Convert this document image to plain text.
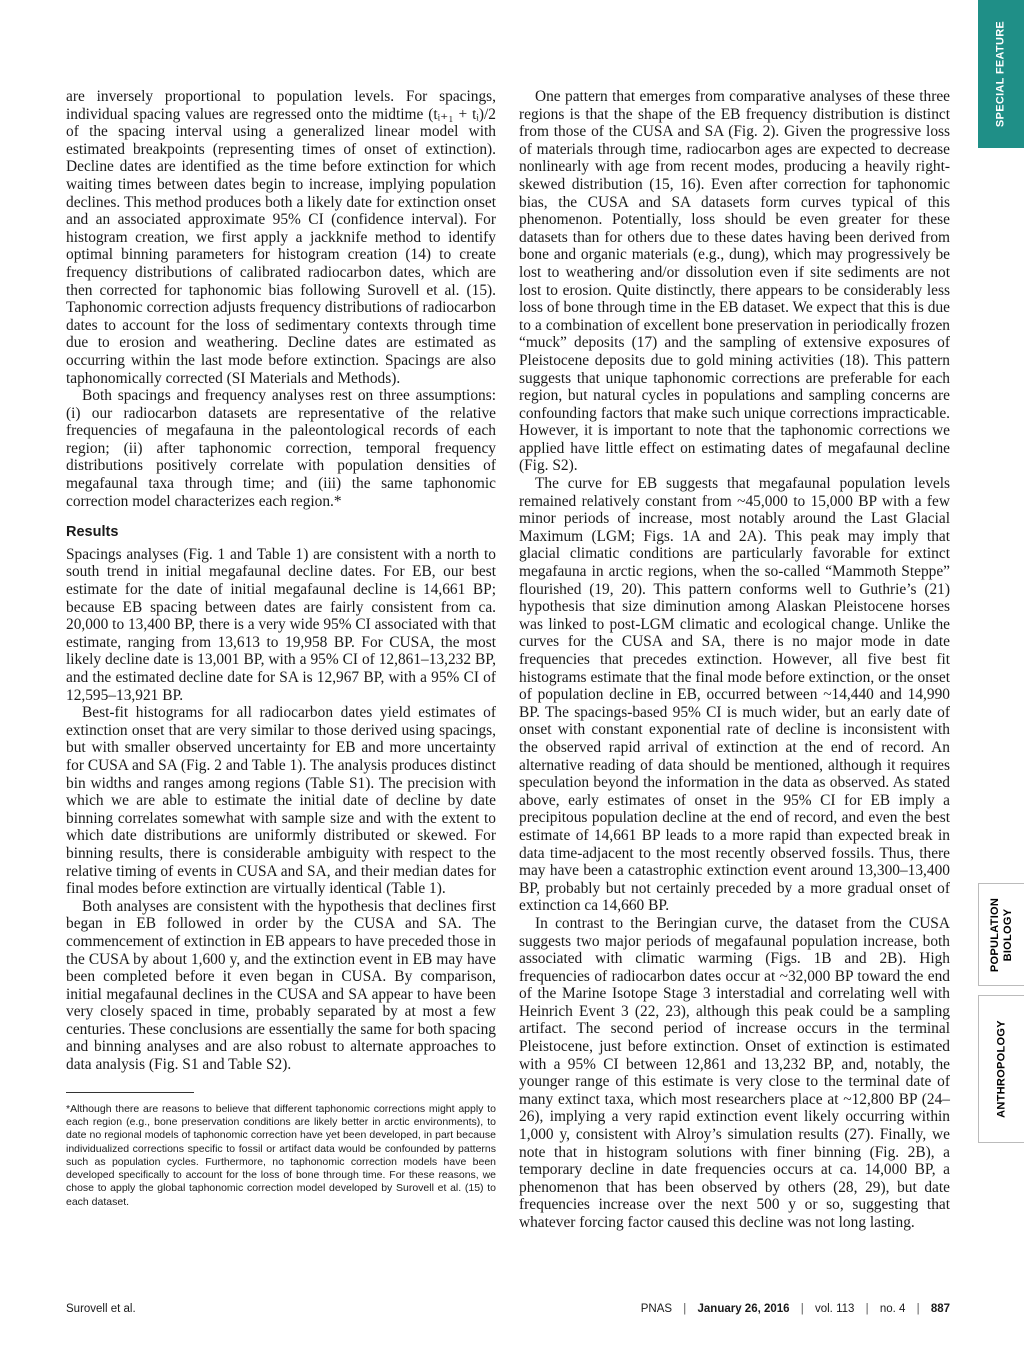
are inversely proportional to population levels. For spacings, individual spacing values are regressed onto the midtime (tᵢ₊₁ + tᵢ)/2 of the spacing interval using a generalized linear model with estimated breakpoints (representing times of onset of extinction). Decline dates are identified as the time before extinction for which waiting times between dates begin to increase, implying population declines. This method produces both a likely date for extinction onset and an associated approximate 95% CI (confidence interval). For histogram creation, we first apply a jackknife method to identify optimal binning parameters for histogram creation (14) to create frequency distributions of calibrated radiocarbon dates, which are then corrected for taphonomic bias following Surovell et al. (15). Taphonomic correction adjusts frequency distributions of radiocarbon dates to account for the loss of sedimentary contexts through time due to erosion and weathering. Decline dates are estimated as occurring within the last mode before extinction. Spacings are also taphonomically corrected (SI Materials and Methods).

Both spacings and frequency analyses rest on three assumptions: (i) our radiocarbon datasets are representative of the relative frequencies of megafauna in the paleontological records of each region; (ii) after taphonomic correction, temporal frequency distributions positively correlate with population densities of megafaunal taxa through time; and (iii) the same taphonomic correction model characterizes each region.*

Results

Spacings analyses (Fig. 1 and Table 1) are consistent with a north to south trend in initial megafaunal decline dates. For EB, our best estimate for the date of initial megafaunal decline is 14,661 BP; because EB spacing between dates are fairly consistent from ca. 20,000 to 13,400 BP, there is a very wide 95% CI associated with that estimate, ranging from 13,613 to 19,958 BP. For CUSA, the most likely decline date is 13,001 BP, with a 95% CI of 12,861–13,232 BP, and the estimated decline date for SA is 12,967 BP, with a 95% CI of 12,595–13,921 BP.

Best-fit histograms for all radiocarbon dates yield estimates of extinction onset that are very similar to those derived using spacings, but with smaller observed uncertainty for EB and more uncertainty for CUSA and SA (Fig. 2 and Table 1). The analysis produces distinct bin widths and ranges among regions (Table S1). The precision with which we are able to estimate the initial date of decline by date binning correlates somewhat with sample size and with the extent to which date distributions are uniformly distributed or skewed. For binning results, there is considerable ambiguity with respect to the relative timing of events in CUSA and SA, and their median dates for final modes before extinction are virtually identical (Table 1).

Both analyses are consistent with the hypothesis that declines first began in EB followed in order by the CUSA and SA. The commencement of extinction in EB appears to have preceded those in the CUSA by about 1,600 y, and the extinction event in EB may have been completed before it even began in CUSA. By comparison, initial megafaunal declines in the CUSA and SA appear to have been very closely spaced in time, probably separated by at most a few centuries. These conclusions are essentially the same for both spacing and binning analyses and are also robust to alternate approaches to data analysis (Fig. S1 and Table S2).

*Although there are reasons to believe that different taphonomic corrections might apply to each region (e.g., bone preservation conditions are likely better in arctic environments), to date no regional models of taphonomic correction have yet been developed, in part because individualized corrections specific to fossil or artifact data would be confounded by patterns such as population cycles. Furthermore, no taphonomic correction models have been developed specifically to account for the loss of bone through time. For these reasons, we chose to apply the global taphonomic correction model developed by Surovell et al. (15) to each dataset.

One pattern that emerges from comparative analyses of these three regions is that the shape of the EB frequency distribution is distinct from those of the CUSA and SA (Fig. 2). Given the progressive loss of materials through time, radiocarbon ages are expected to decrease nonlinearly with age from recent modes, producing a heavily right-skewed distribution (15, 16). Even after correction for taphonomic bias, the CUSA and SA datasets form curves typical of this phenomenon. Potentially, loss should be even greater for these datasets than for others due to these dates having been derived from bone and organic materials (e.g., dung), which may progressively be lost to weathering and/or dissolution even if site sediments are not lost to erosion. Quite distinctly, there appears to be considerably less loss of bone through time in the EB dataset. We expect that this is due to a combination of excellent bone preservation in periodically frozen “muck” deposits (17) and the sampling of extensive exposures of Pleistocene deposits due to gold mining activities (18). This pattern suggests that unique taphonomic corrections are preferable for each region, but natural cycles in populations and sampling concerns are confounding factors that make such unique corrections impracticable. However, it is important to note that the taphonomic corrections we applied have little effect on estimating dates of megafaunal decline (Fig. S2).

The curve for EB suggests that megafaunal population levels remained relatively constant from ~45,000 to 15,000 BP with a few minor periods of increase, most notably around the Last Glacial Maximum (LGM; Figs. 1A and 2A). This peak may imply that glacial climatic conditions are particularly favorable for extinct megafauna in arctic regions, when the so-called “Mammoth Steppe” flourished (19, 20). This pattern conforms well to Guthrie’s (21) hypothesis that size diminution among Alaskan Pleistocene horses was linked to post-LGM climatic and ecological change. Unlike the curves for the CUSA and SA, there is no major mode in date frequencies that precedes extinction. However, all five best fit histograms estimate that the final mode before extinction, or the onset of population decline in EB, occurred between ~14,440 and 14,990 BP. The spacings-based 95% CI is much wider, but an early date of onset with constant exponential rate of decline is inconsistent with the observed rapid arrival of extinction at the end of record. An alternative reading of data should be mentioned, although it requires speculation beyond the information in the data as observed. As stated above, early estimates of onset in the 95% CI for EB imply a precipitous population decline at the end of record, and even the best estimate of 14,661 BP leads to a more rapid than expected break in data time-adjacent to the most recently observed fossils. Thus, there may have been a catastrophic extinction event around 13,300–13,400 BP, probably but not certainly preceded by a more gradual onset of extinction ca 14,660 BP.

In contrast to the Beringian curve, the dataset from the CUSA suggests two major periods of megafaunal population increase, both associated with climatic warming (Figs. 1B and 2B). High frequencies of radiocarbon dates occur at ~32,000 BP toward the end of the Marine Isotope Stage 3 interstadial and correlating well with Heinrich Event 3 (22, 23), although this peak could be a sampling artifact. The second period of increase occurs in the terminal Pleistocene, just before extinction. Onset of extinction is estimated with a 95% CI between 12,861 and 13,232 BP, and, notably, the younger range of this estimate is very close to the terminal date of many extinct taxa, which most researchers place at ~12,800 BP (24–26), implying a very rapid extinction event likely occurring within 1,000 y, consistent with Alroy’s simulation results (27). Finally, we note that in histogram solutions with finer binning (Fig. 2B), a temporary decline in date frequencies occurs at ca. 14,000 BP, a phenomenon that has been observed by others (28, 29), but date frequencies increase over the next 500 y or so, suggesting that whatever forcing factor caused this decline was not long lasting.

Surovell et al.	PNAS | January 26, 2016 | vol. 113 | no. 4 | 887
SPECIAL FEATURE
POPULATION
BIOLOGY
ANTHROPOLOGY
